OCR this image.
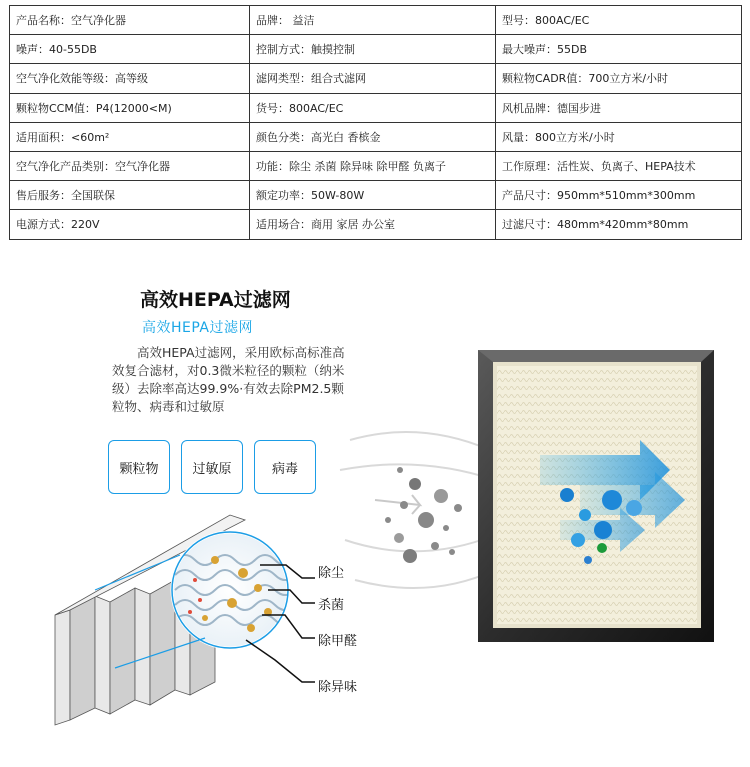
产品名称：空气净化器	品牌： 益洁	型号：800AC/EC
噪声：40-55DB	控制方式：触摸控制	最大噪声：55DB
空气净化效能等级：高等级	滤网类型：组合式滤网	颗粒物CADR值：700立方米/小时
颗粒物CCM值：P4(12000<M)	货号：800AC/EC	风机品牌：德国步进
适用面积：<60m²	颜色分类：高光白 香槟金	风量：800立方米/小时
空气净化产品类别：空气净化器	功能：除尘 杀菌 除异味 除甲醛 负离子	工作原理：活性炭、负离子、HEPA技术
售后服务：全国联保	额定功率：50W-80W	产品尺寸：950mm*510mm*300mm
电源方式：220V	适用场合：商用 家居 办公室	过滤尺寸：480mm*420mm*80mm
高效HEPA过滤网
高效HEPA过滤网
高效HEPA过滤网，采用欧标高标准高效复合滤材，对0.3微米粒径的颗粒（纳米级）去除率高达99.9%·有效去除PM2.5颗粒物、病毒和过敏原
颗粒物	过敏原	病毒
除尘
杀菌
除甲醛
除异味
